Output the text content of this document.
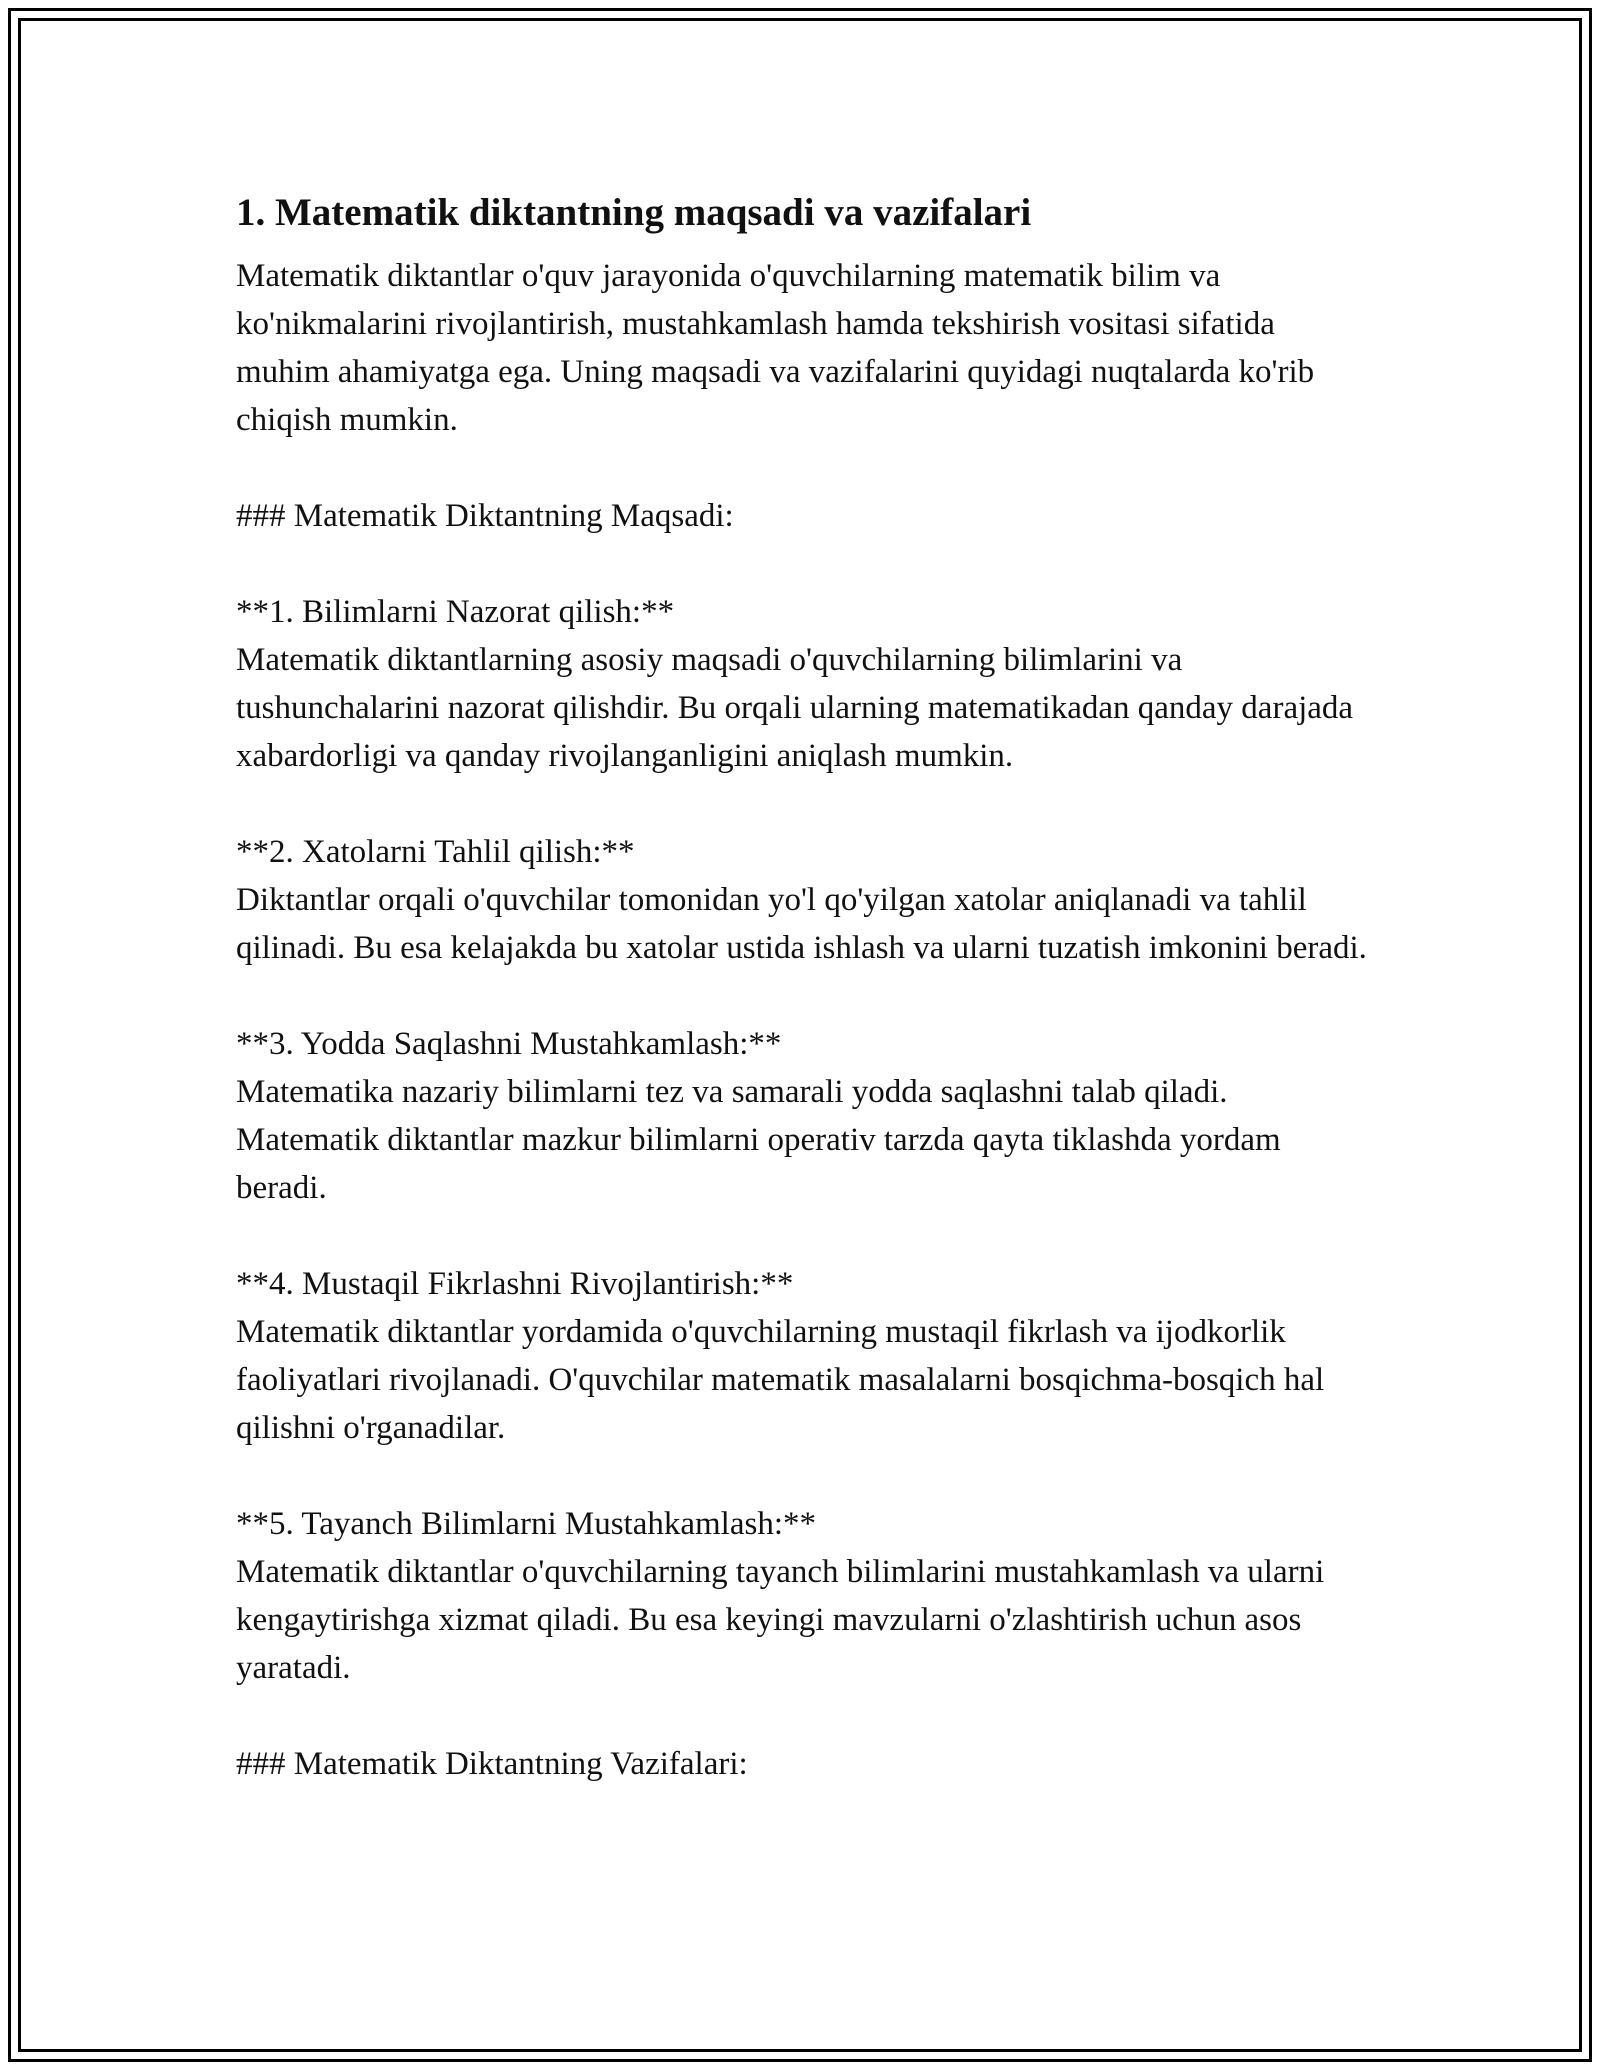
1. Matematik diktantning maqsadi va vazifalari

Matematik diktantlar o'quv jarayonida o'quvchilarning matematik bilim va ko'nikmalarini rivojlantirish, mustahkamlash hamda tekshirish vositasi sifatida muhim ahamiyatga ega. Uning maqsadi va vazifalarini quyidagi nuqtalarda ko'rib chiqish mumkin.

### Matematik Diktantning Maqsadi:

**1. Bilimlarni Nazorat qilish:**

Matematik diktantlarning asosiy maqsadi o'quvchilarning bilimlarini va tushunchalarini nazorat qilishdir. Bu orqali ularning matematikadan qanday darajada xabardorligi va qanday rivojlanganligini aniqlash mumkin.

**2. Xatolarni Tahlil qilish:**

Diktantlar orqali o'quvchilar tomonidan yo'l qo'yilgan xatolar aniqlanadi va tahlil qilinadi. Bu esa kelajakda bu xatolar ustida ishlash va ularni tuzatish imkonini beradi.

**3. Yodda Saqlashni Mustahkamlash:**

Matematika nazariy bilimlarni tez va samarali yodda saqlashni talab qiladi. Matematik diktantlar mazkur bilimlarni operativ tarzda qayta tiklashda yordam beradi.

**4. Mustaqil Fikrlashni Rivojlantirish:**

Matematik diktantlar yordamida o'quvchilarning mustaqil fikrlash va ijodkorlik faoliyatlari rivojlanadi. O'quvchilar matematik masalalarni bosqichma-bosqich hal qilishni o'rganadilar.

**5. Tayanch Bilimlarni Mustahkamlash:**

Matematik diktantlar o'quvchilarning tayanch bilimlarini mustahkamlash va ularni kengaytirishga xizmat qiladi. Bu esa keyingi mavzularni o'zlashtirish uchun asos yaratadi.

### Matematik Diktantning Vazifalari:
